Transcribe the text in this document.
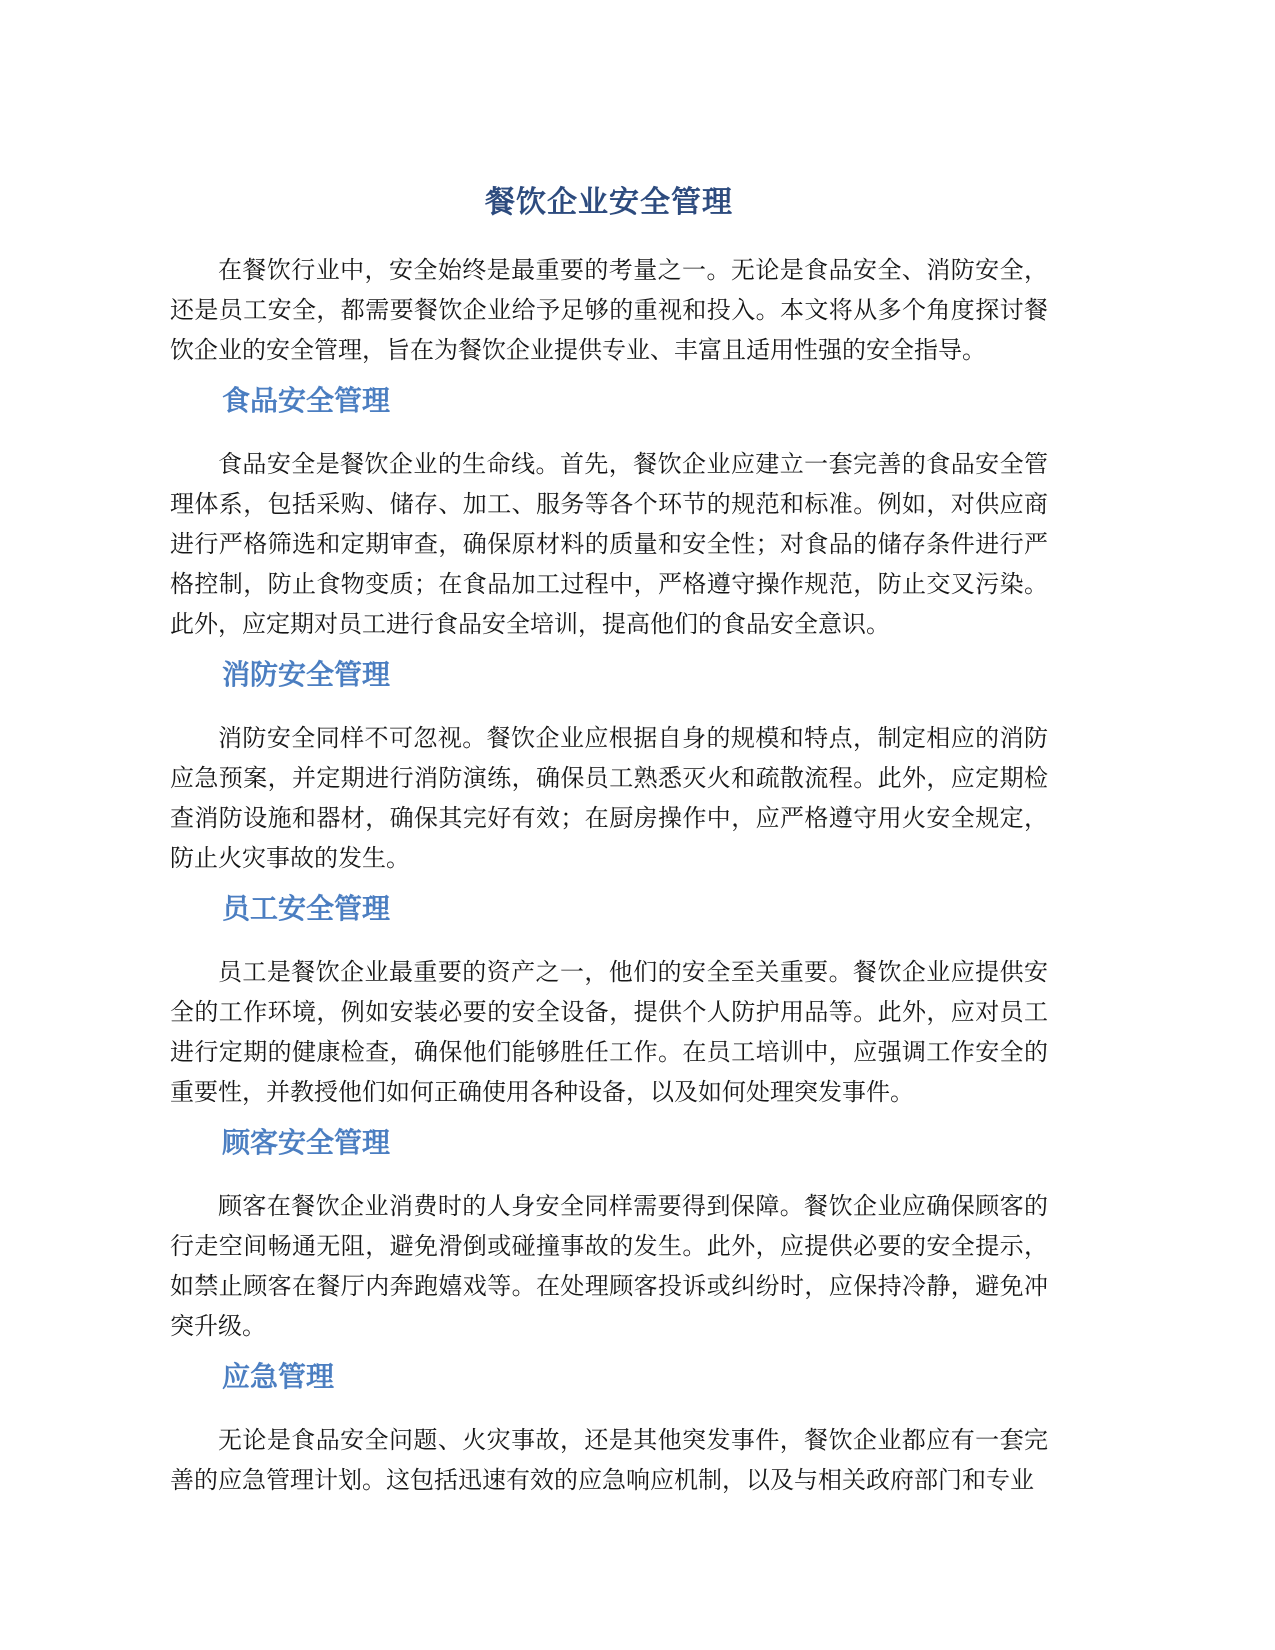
餐饮企业安全管理

在餐饮行业中，安全始终是最重要的考量之一。无论是食品安全、消防安全，还是员工安全，都需要餐饮企业给予足够的重视和投入。本文将从多个角度探讨餐饮企业的安全管理，旨在为餐饮企业提供专业、丰富且适用性强的安全指导。

食品安全管理

食品安全是餐饮企业的生命线。首先，餐饮企业应建立一套完善的食品安全管理体系，包括采购、储存、加工、服务等各个环节的规范和标准。例如，对供应商进行严格筛选和定期审查，确保原材料的质量和安全性；对食品的储存条件进行严格控制，防止食物变质；在食品加工过程中，严格遵守操作规范，防止交叉污染。此外，应定期对员工进行食品安全培训，提高他们的食品安全意识。

消防安全管理

消防安全同样不可忽视。餐饮企业应根据自身的规模和特点，制定相应的消防应急预案，并定期进行消防演练，确保员工熟悉灭火和疏散流程。此外，应定期检查消防设施和器材，确保其完好有效；在厨房操作中，应严格遵守用火安全规定，防止火灾事故的发生。

员工安全管理

员工是餐饮企业最重要的资产之一，他们的安全至关重要。餐饮企业应提供安全的工作环境，例如安装必要的安全设备，提供个人防护用品等。此外，应对员工进行定期的健康检查，确保他们能够胜任工作。在员工培训中，应强调工作安全的重要性，并教授他们如何正确使用各种设备，以及如何处理突发事件。

顾客安全管理

顾客在餐饮企业消费时的人身安全同样需要得到保障。餐饮企业应确保顾客的行走空间畅通无阻，避免滑倒或碰撞事故的发生。此外，应提供必要的安全提示，如禁止顾客在餐厅内奔跑嬉戏等。在处理顾客投诉或纠纷时，应保持冷静，避免冲突升级。

应急管理

无论是食品安全问题、火灾事故，还是其他突发事件，餐饮企业都应有一套完善的应急管理计划。这包括迅速有效的应急响应机制，以及与相关政府部门和专业
